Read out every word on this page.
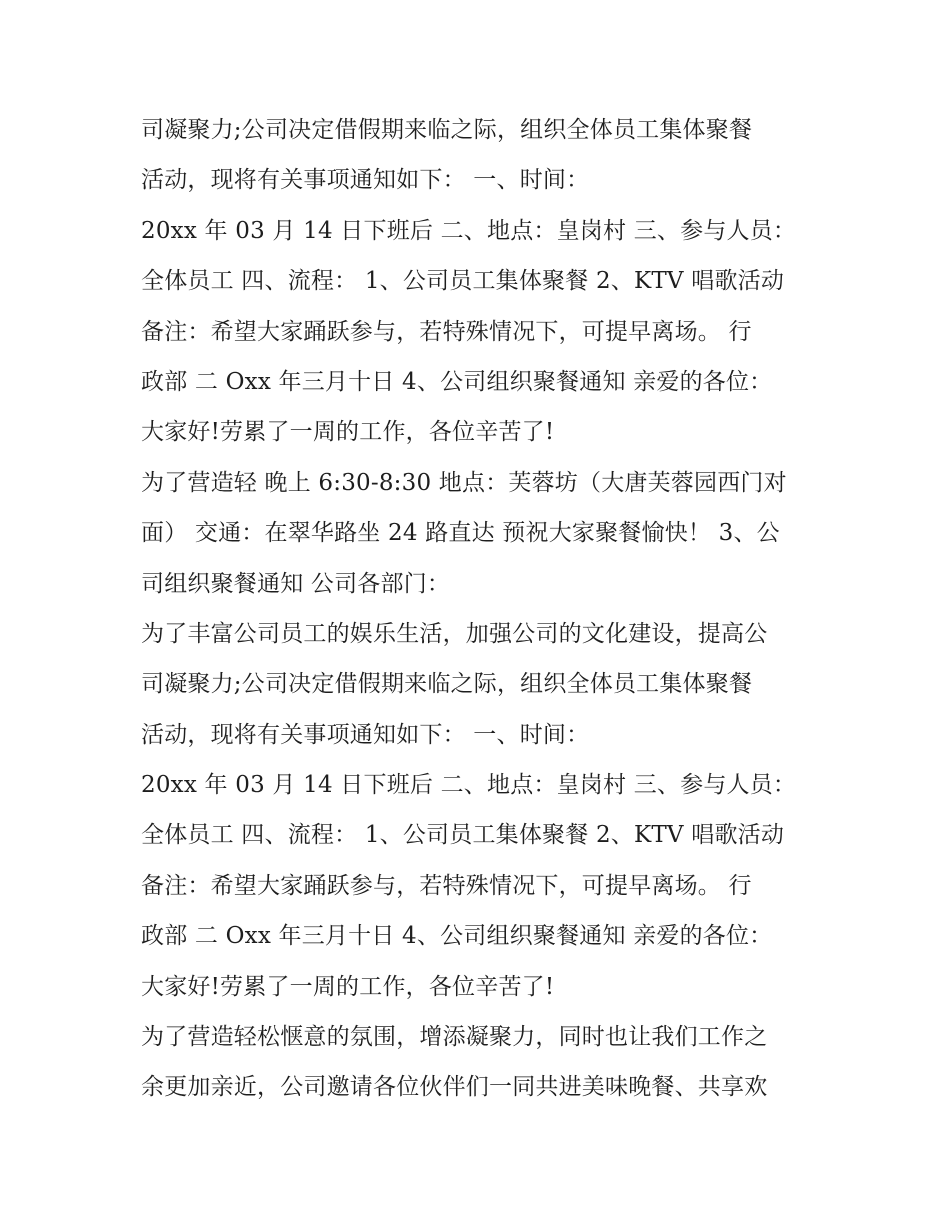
司凝聚力;公司决定借假期来临之际，组织全体员工集体聚餐
活动，现将有关事项通知如下： 一、时间：
20xx 年 03 月 14 日下班后 二、地点：皇岗村 三、参与人员：
全体员工 四、流程： 1、公司员工集体聚餐 2、KTV 唱歌活动
备注：希望大家踊跃参与，若特殊情况下，可提早离场。 行
政部 二 Oxx 年三月十日 4、公司组织聚餐通知 亲爱的各位：
大家好!劳累了一周的工作，各位辛苦了!
为了营造轻 晚上 6:30-8:30 地点：芙蓉坊（大唐芙蓉园西门对
面） 交通：在翠华路坐 24 路直达 预祝大家聚餐愉快！ 3、公
司组织聚餐通知 公司各部门：
为了丰富公司员工的娱乐生活，加强公司的文化建设，提高公
司凝聚力;公司决定借假期来临之际，组织全体员工集体聚餐
活动，现将有关事项通知如下： 一、时间：
20xx 年 03 月 14 日下班后 二、地点：皇岗村 三、参与人员：
全体员工 四、流程： 1、公司员工集体聚餐 2、KTV 唱歌活动
备注：希望大家踊跃参与，若特殊情况下，可提早离场。 行
政部 二 Oxx 年三月十日 4、公司组织聚餐通知 亲爱的各位：
大家好!劳累了一周的工作，各位辛苦了!
为了营造轻松惬意的氛围，增添凝聚力，同时也让我们工作之
余更加亲近，公司邀请各位伙伴们一同共进美味晚餐、共享欢
